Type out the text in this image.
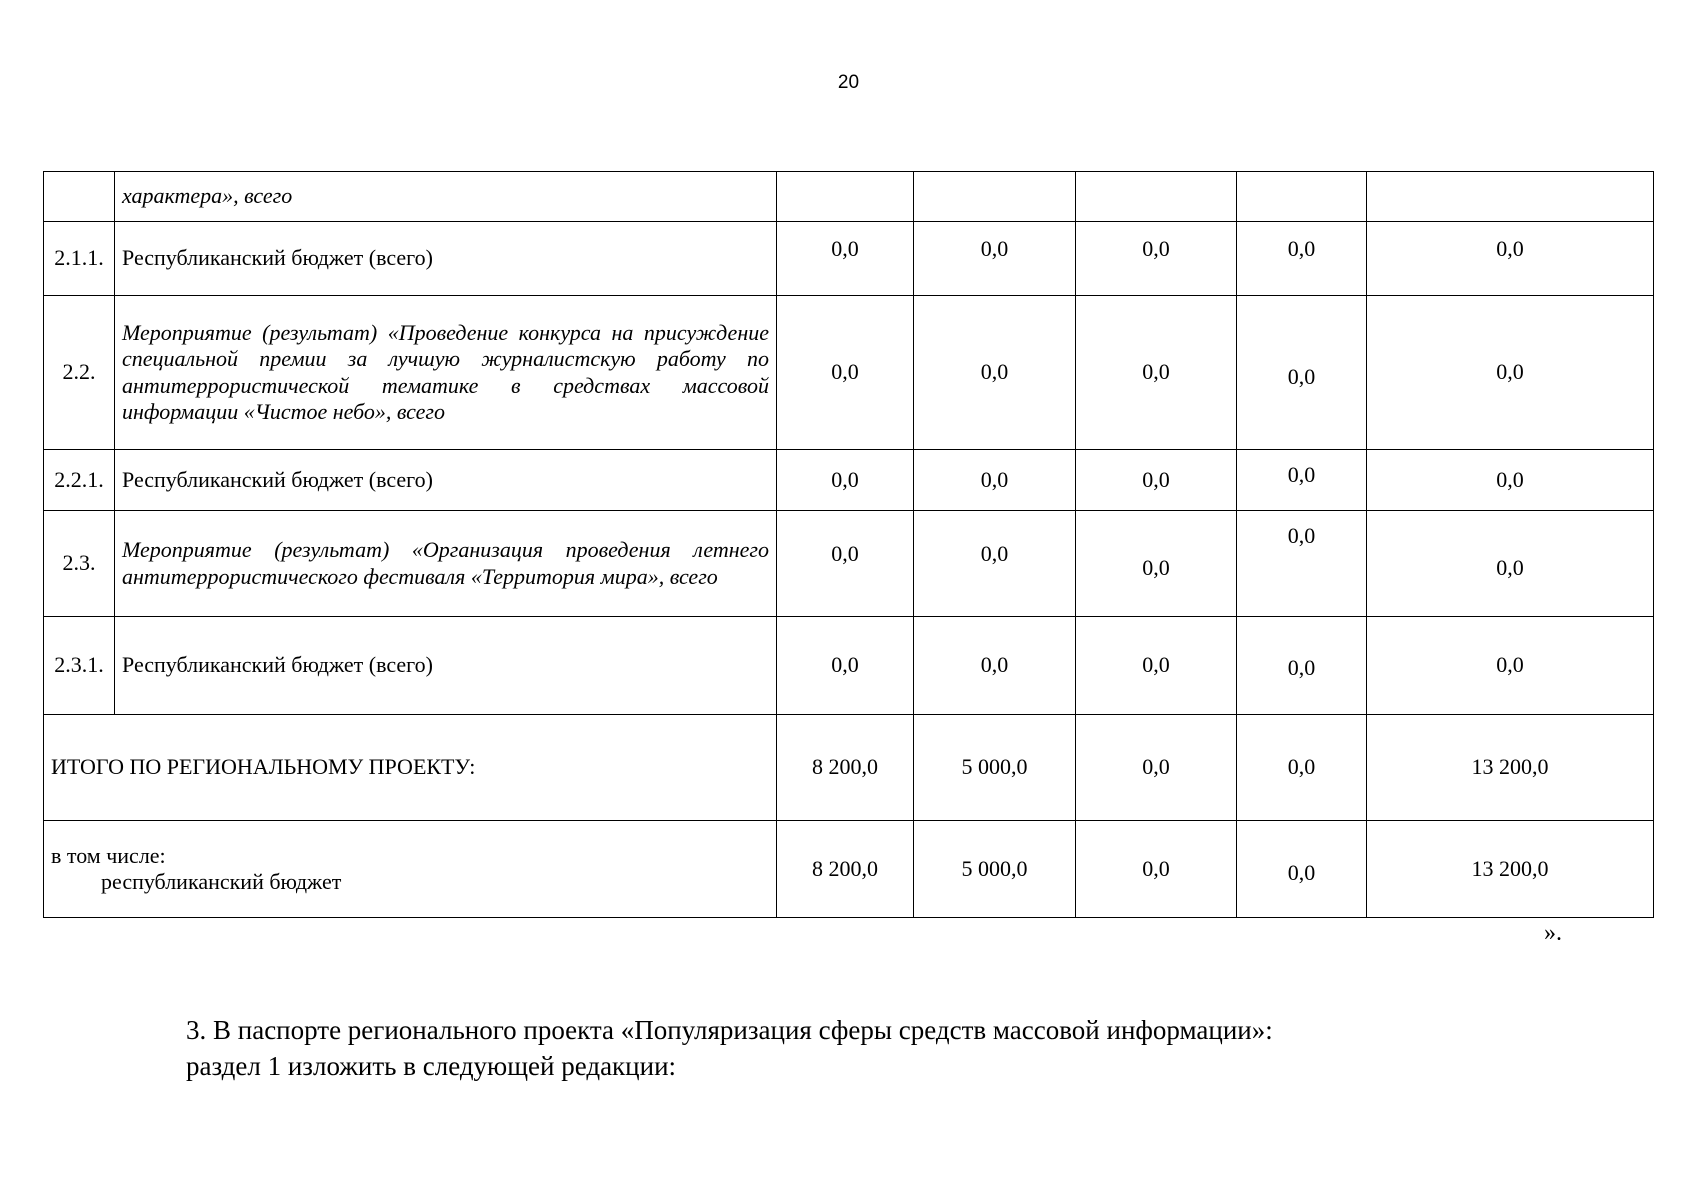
20
	характера», всего					
2.1.1.	Республиканский бюджет (всего)	0,0	0,0	0,0	0,0	0,0
2.2.	Мероприятие (результат) «Проведение конкурса на присуждение специальной премии за лучшую журналистскую работу по антитеррористической тематике в средствах массовой информации «Чистое небо», всего	0,0	0,0	0,0	0,0	0,0
2.2.1.	Республиканский бюджет (всего)	0,0	0,0	0,0	0,0	0,0
2.3.	Мероприятие (результат) «Организация проведения летнего антитеррористического фестиваля «Территория мира», всего	0,0	0,0	0,0	0,0	0,0
2.3.1.	Республиканский бюджет (всего)	0,0	0,0	0,0	0,0	0,0
ИТОГО ПО РЕГИОНАЛЬНОМУ ПРОЕКТУ:		8 200,0	5 000,0	0,0	0,0	13 200,0

в том числе:
республиканский бюджет		8 200,0	5 000,0	0,0	0,0	13 200,0
».
3. В паспорте регионального проекта «Популяризация сферы средств массовой информации»:
раздел 1 изложить в следующей редакции:
